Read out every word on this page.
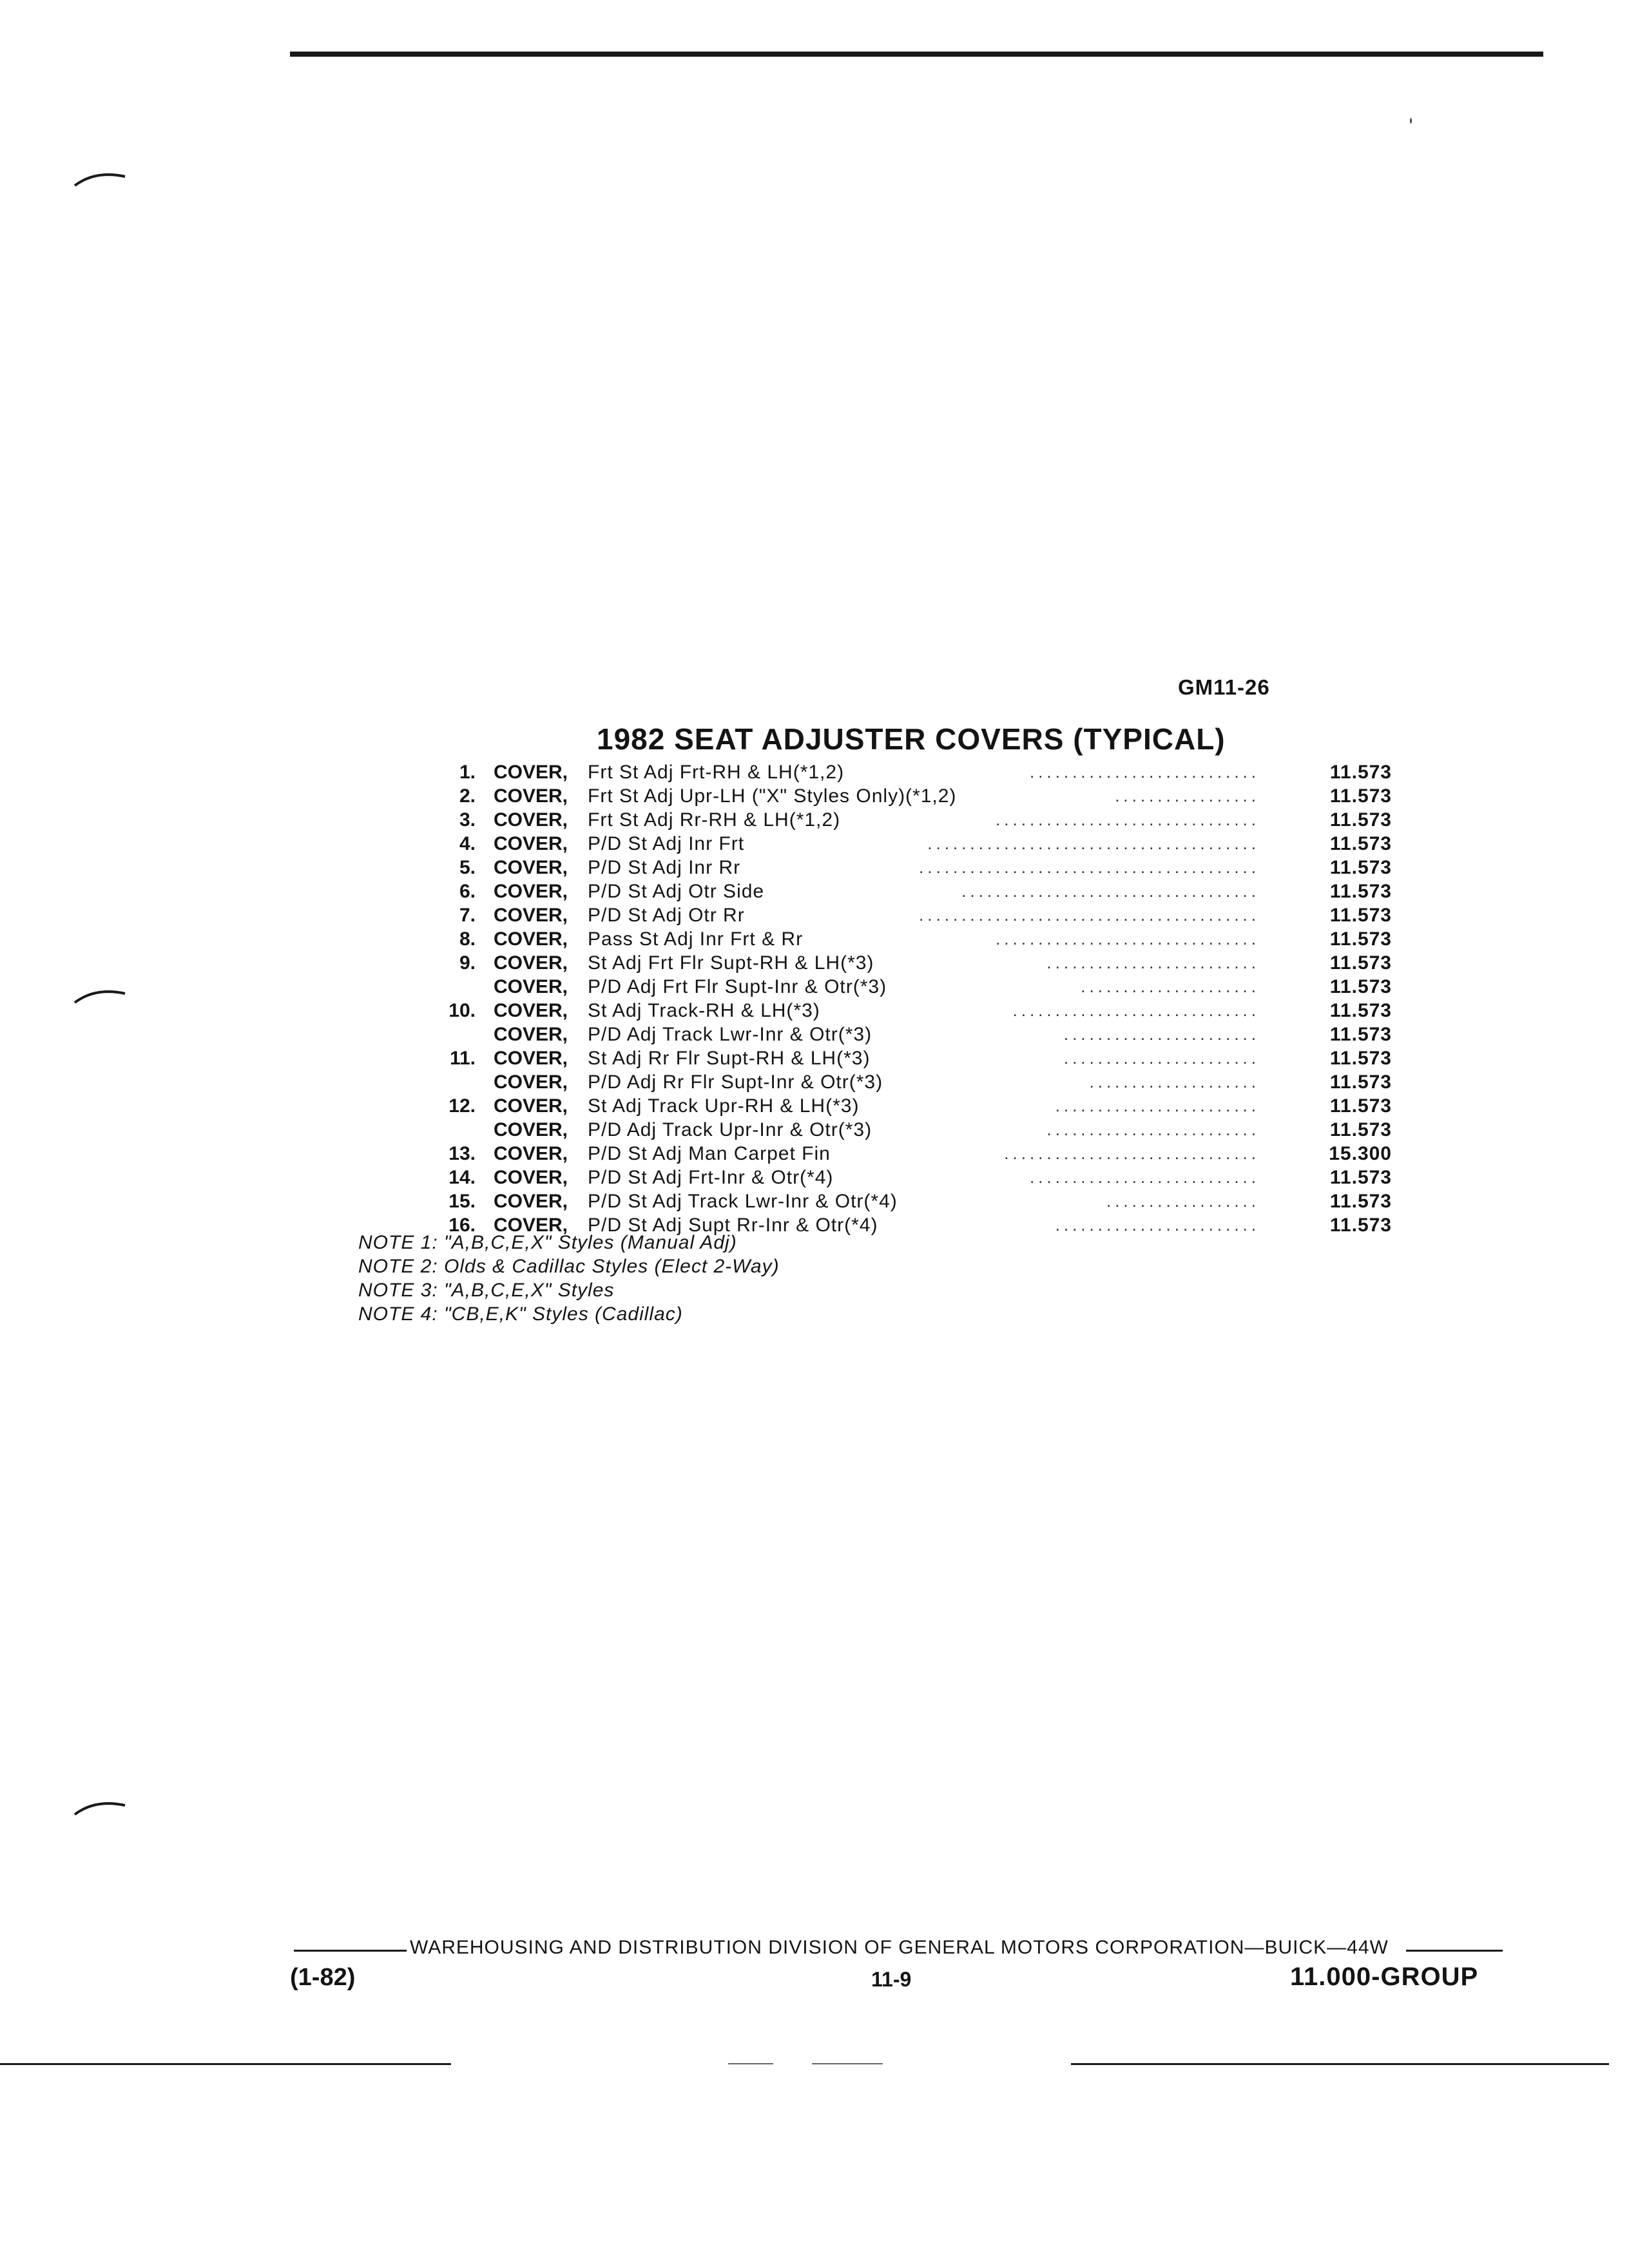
GM11-26
1982 SEAT ADJUSTER COVERS (TYPICAL)
1. COVER, Frt St Adj Frt-RH & LH(*1,2)	...........................	11.573
2. COVER, Frt St Adj Upr-LH ("X" Styles Only)(*1,2)	.................	11.573
3. COVER, Frt St Adj Rr-RH & LH(*1,2)	...............................	11.573
4. COVER, P/D St Adj Inr Frt	.......................................	11.573
5. COVER, P/D St Adj Inr Rr	........................................	11.573
6. COVER, P/D St Adj Otr Side	...................................	11.573
7. COVER, P/D St Adj Otr Rr	........................................	11.573
8. COVER, Pass St Adj Inr Frt & Rr	...............................	11.573
9. COVER, St Adj Frt Flr Supt-RH & LH(*3)	.........................	11.573
COVER, P/D Adj Frt Flr Supt-Inr & Otr(*3)	.....................	11.573
10. COVER, St Adj Track-RH & LH(*3)	.............................	11.573
COVER, P/D Adj Track Lwr-Inr & Otr(*3)	.......................	11.573
11. COVER, St Adj Rr Flr Supt-RH & LH(*3)	.......................	11.573
COVER, P/D Adj Rr Flr Supt-Inr & Otr(*3)	....................	11.573
12. COVER, St Adj Track Upr-RH & LH(*3)	........................	11.573
COVER, P/D Adj Track Upr-Inr & Otr(*3)	.........................	11.573
13. COVER, P/D St Adj Man Carpet Fin	..............................	15.300
14. COVER, P/D St Adj Frt-Inr & Otr(*4)	...........................	11.573
15. COVER, P/D St Adj Track Lwr-Inr & Otr(*4)	..................	11.573
16. COVER, P/D St Adj Supt Rr-Inr & Otr(*4)	........................	11.573
NOTE 1: "A,B,C,E,X" Styles (Manual Adj)
NOTE 2: Olds & Cadillac Styles (Elect 2-Way)
NOTE 3: "A,B,C,E,X" Styles
NOTE 4: "CB,E,K" Styles (Cadillac)
WAREHOUSING AND DISTRIBUTION DIVISION OF GENERAL MOTORS CORPORATION—BUICK—44W
(1-82)	11-9	11.000-GROUP
